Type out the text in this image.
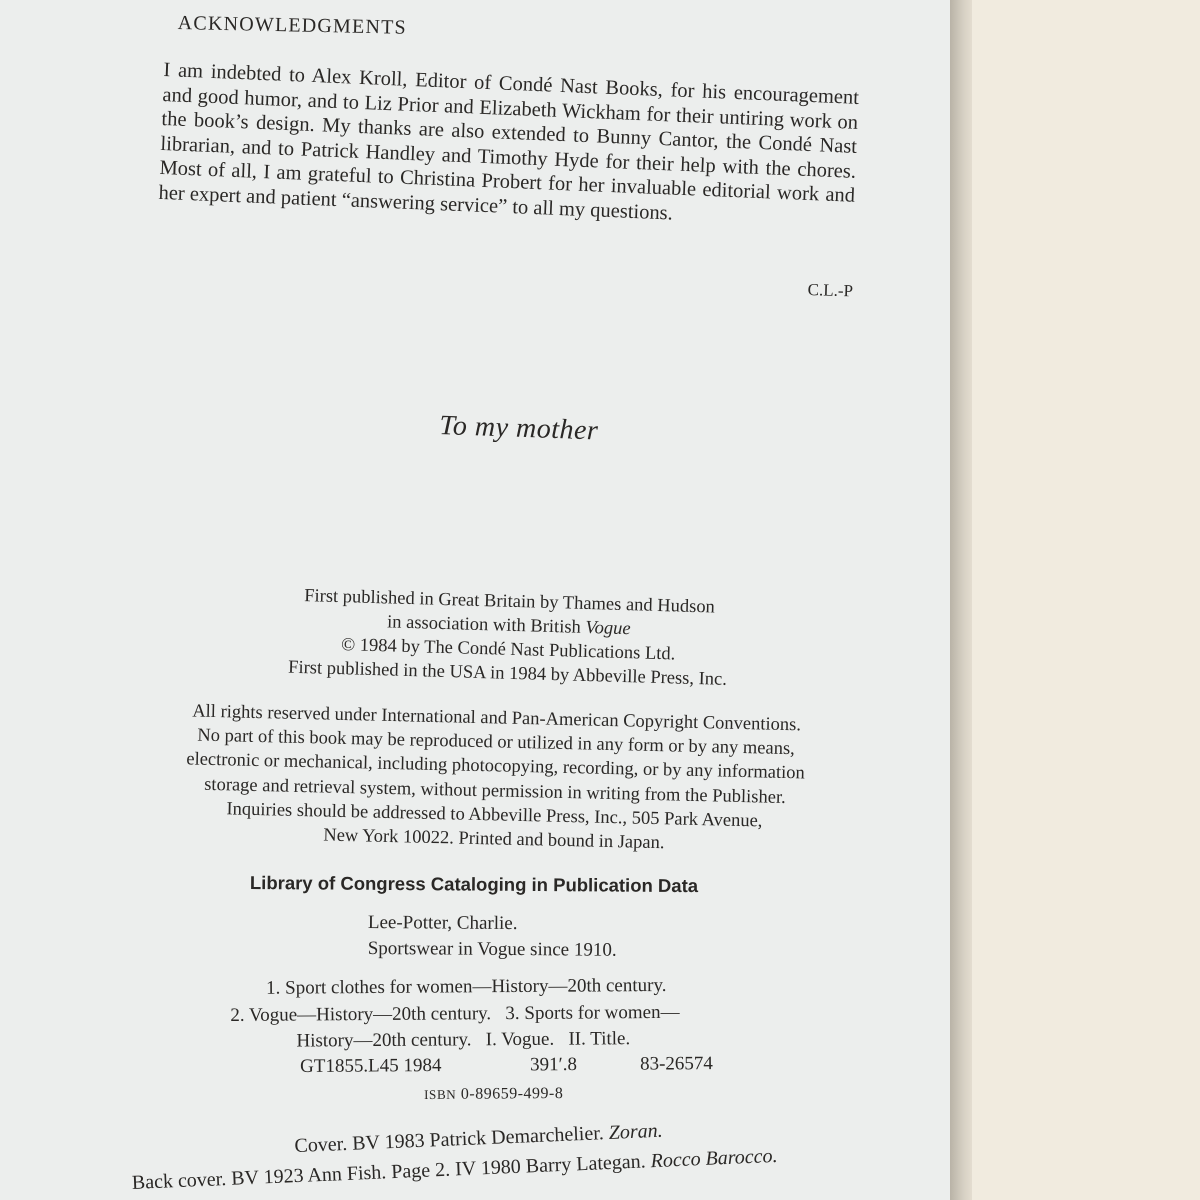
ACKNOWLEDGMENTS
I am indebted to Alex Kroll, Editor of Condé Nast Books, for his encouragement and good humor, and to Liz Prior and Elizabeth Wickham for their untiring work on the book’s design. My thanks are also extended to Bunny Cantor, the Condé Nast librarian, and to Patrick Handley and Timothy Hyde for their help with the chores. Most of all, I am grateful to Christina Probert for her invaluable editorial work and her expert and patient “answering service” to all my questions.
C.L.-P
To my mother
First published in Great Britain by Thames and Hudson
in association with British Vogue
© 1984 by The Condé Nast Publications Ltd.
First published in the USA in 1984 by Abbeville Press, Inc.
All rights reserved under International and Pan-American Copyright Conventions.
No part of this book may be reproduced or utilized in any form or by any means,
electronic or mechanical, including photocopying, recording, or by any information
storage and retrieval system, without permission in writing from the Publisher.
Inquiries should be addressed to Abbeville Press, Inc., 505 Park Avenue,
New York 10022. Printed and bound in Japan.
Library of Congress Cataloging in Publication Data
Lee-Potter, Charlie.
Sportswear in Vogue since 1910.
1. Sport clothes for women—History—20th century.
2. Vogue—History—20th century.   3. Sports for women—
History—20th century.   I. Vogue.   II. Title.
GT1855.L45 1984	391′.8	83-26574
ISBN 0-89659-499-8
Cover. BV 1983 Patrick Demarchelier. Zoran.
Back cover. BV 1923 Ann Fish. Page 2. IV 1980 Barry Lategan. Rocco Barocco.
